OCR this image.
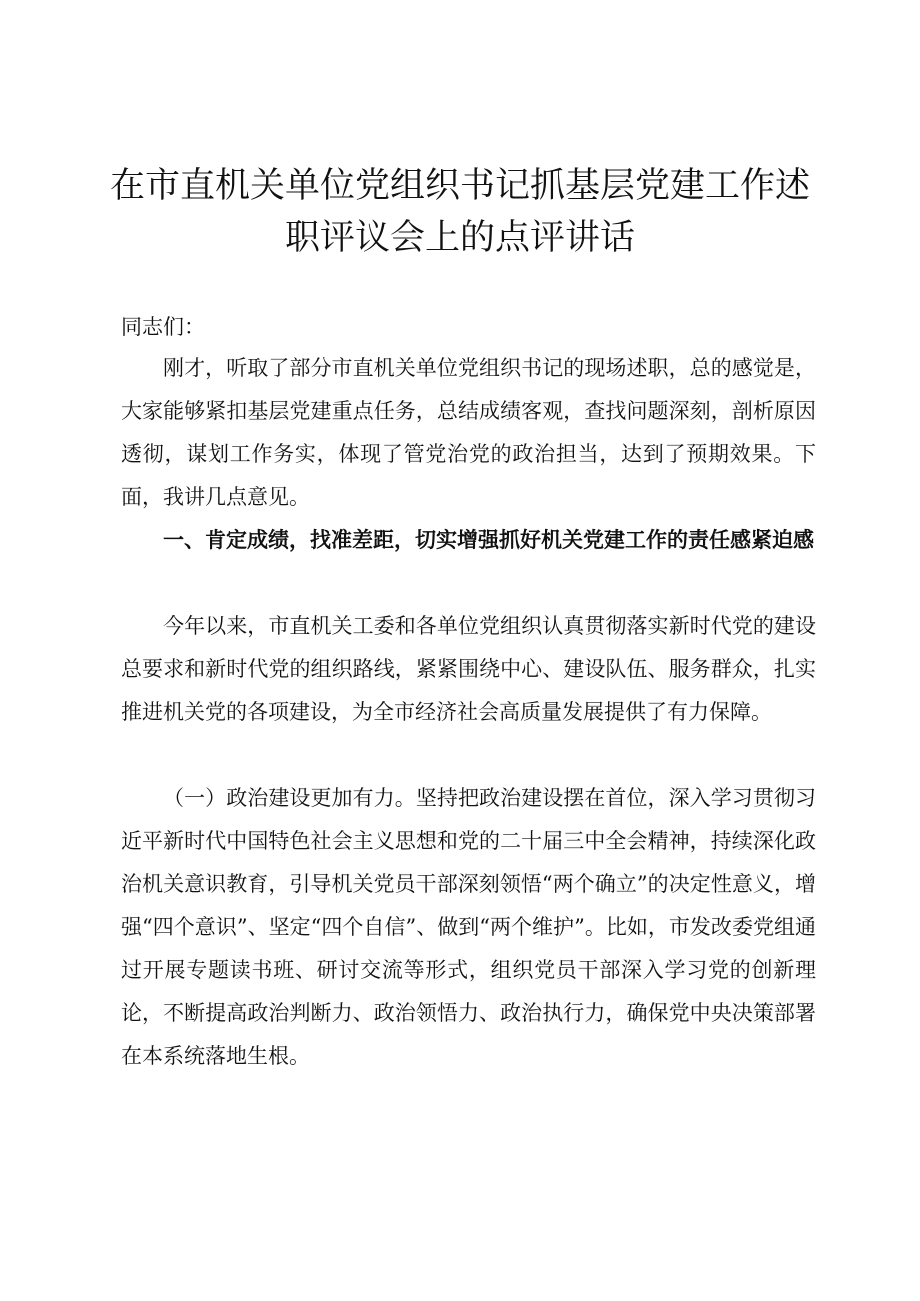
在市直机关单位党组织书记抓基层党建工作述职评议会上的点评讲话

同志们：

刚才，听取了部分市直机关单位党组织书记的现场述职，总的感觉是，大家能够紧扣基层党建重点任务，总结成绩客观，查找问题深刻，剖析原因透彻，谋划工作务实，体现了管党治党的政治担当，达到了预期效果。下面，我讲几点意见。

一、肯定成绩，找准差距，切实增强抓好机关党建工作的责任感紧迫感

今年以来，市直机关工委和各单位党组织认真贯彻落实新时代党的建设总要求和新时代党的组织路线，紧紧围绕中心、建设队伍、服务群众，扎实推进机关党的各项建设，为全市经济社会高质量发展提供了有力保障。

（一）政治建设更加有力。坚持把政治建设摆在首位，深入学习贯彻习近平新时代中国特色社会主义思想和党的二十届三中全会精神，持续深化政治机关意识教育，引导机关党员干部深刻领悟“两个确立”的决定性意义，增强“四个意识”、坚定“四个自信”、做到“两个维护”。比如，市发改委党组通过开展专题读书班、研讨交流等形式，组织党员干部深入学习党的创新理论，不断提高政治判断力、政治领悟力、政治执行力，确保党中央决策部署在本系统落地生根。
